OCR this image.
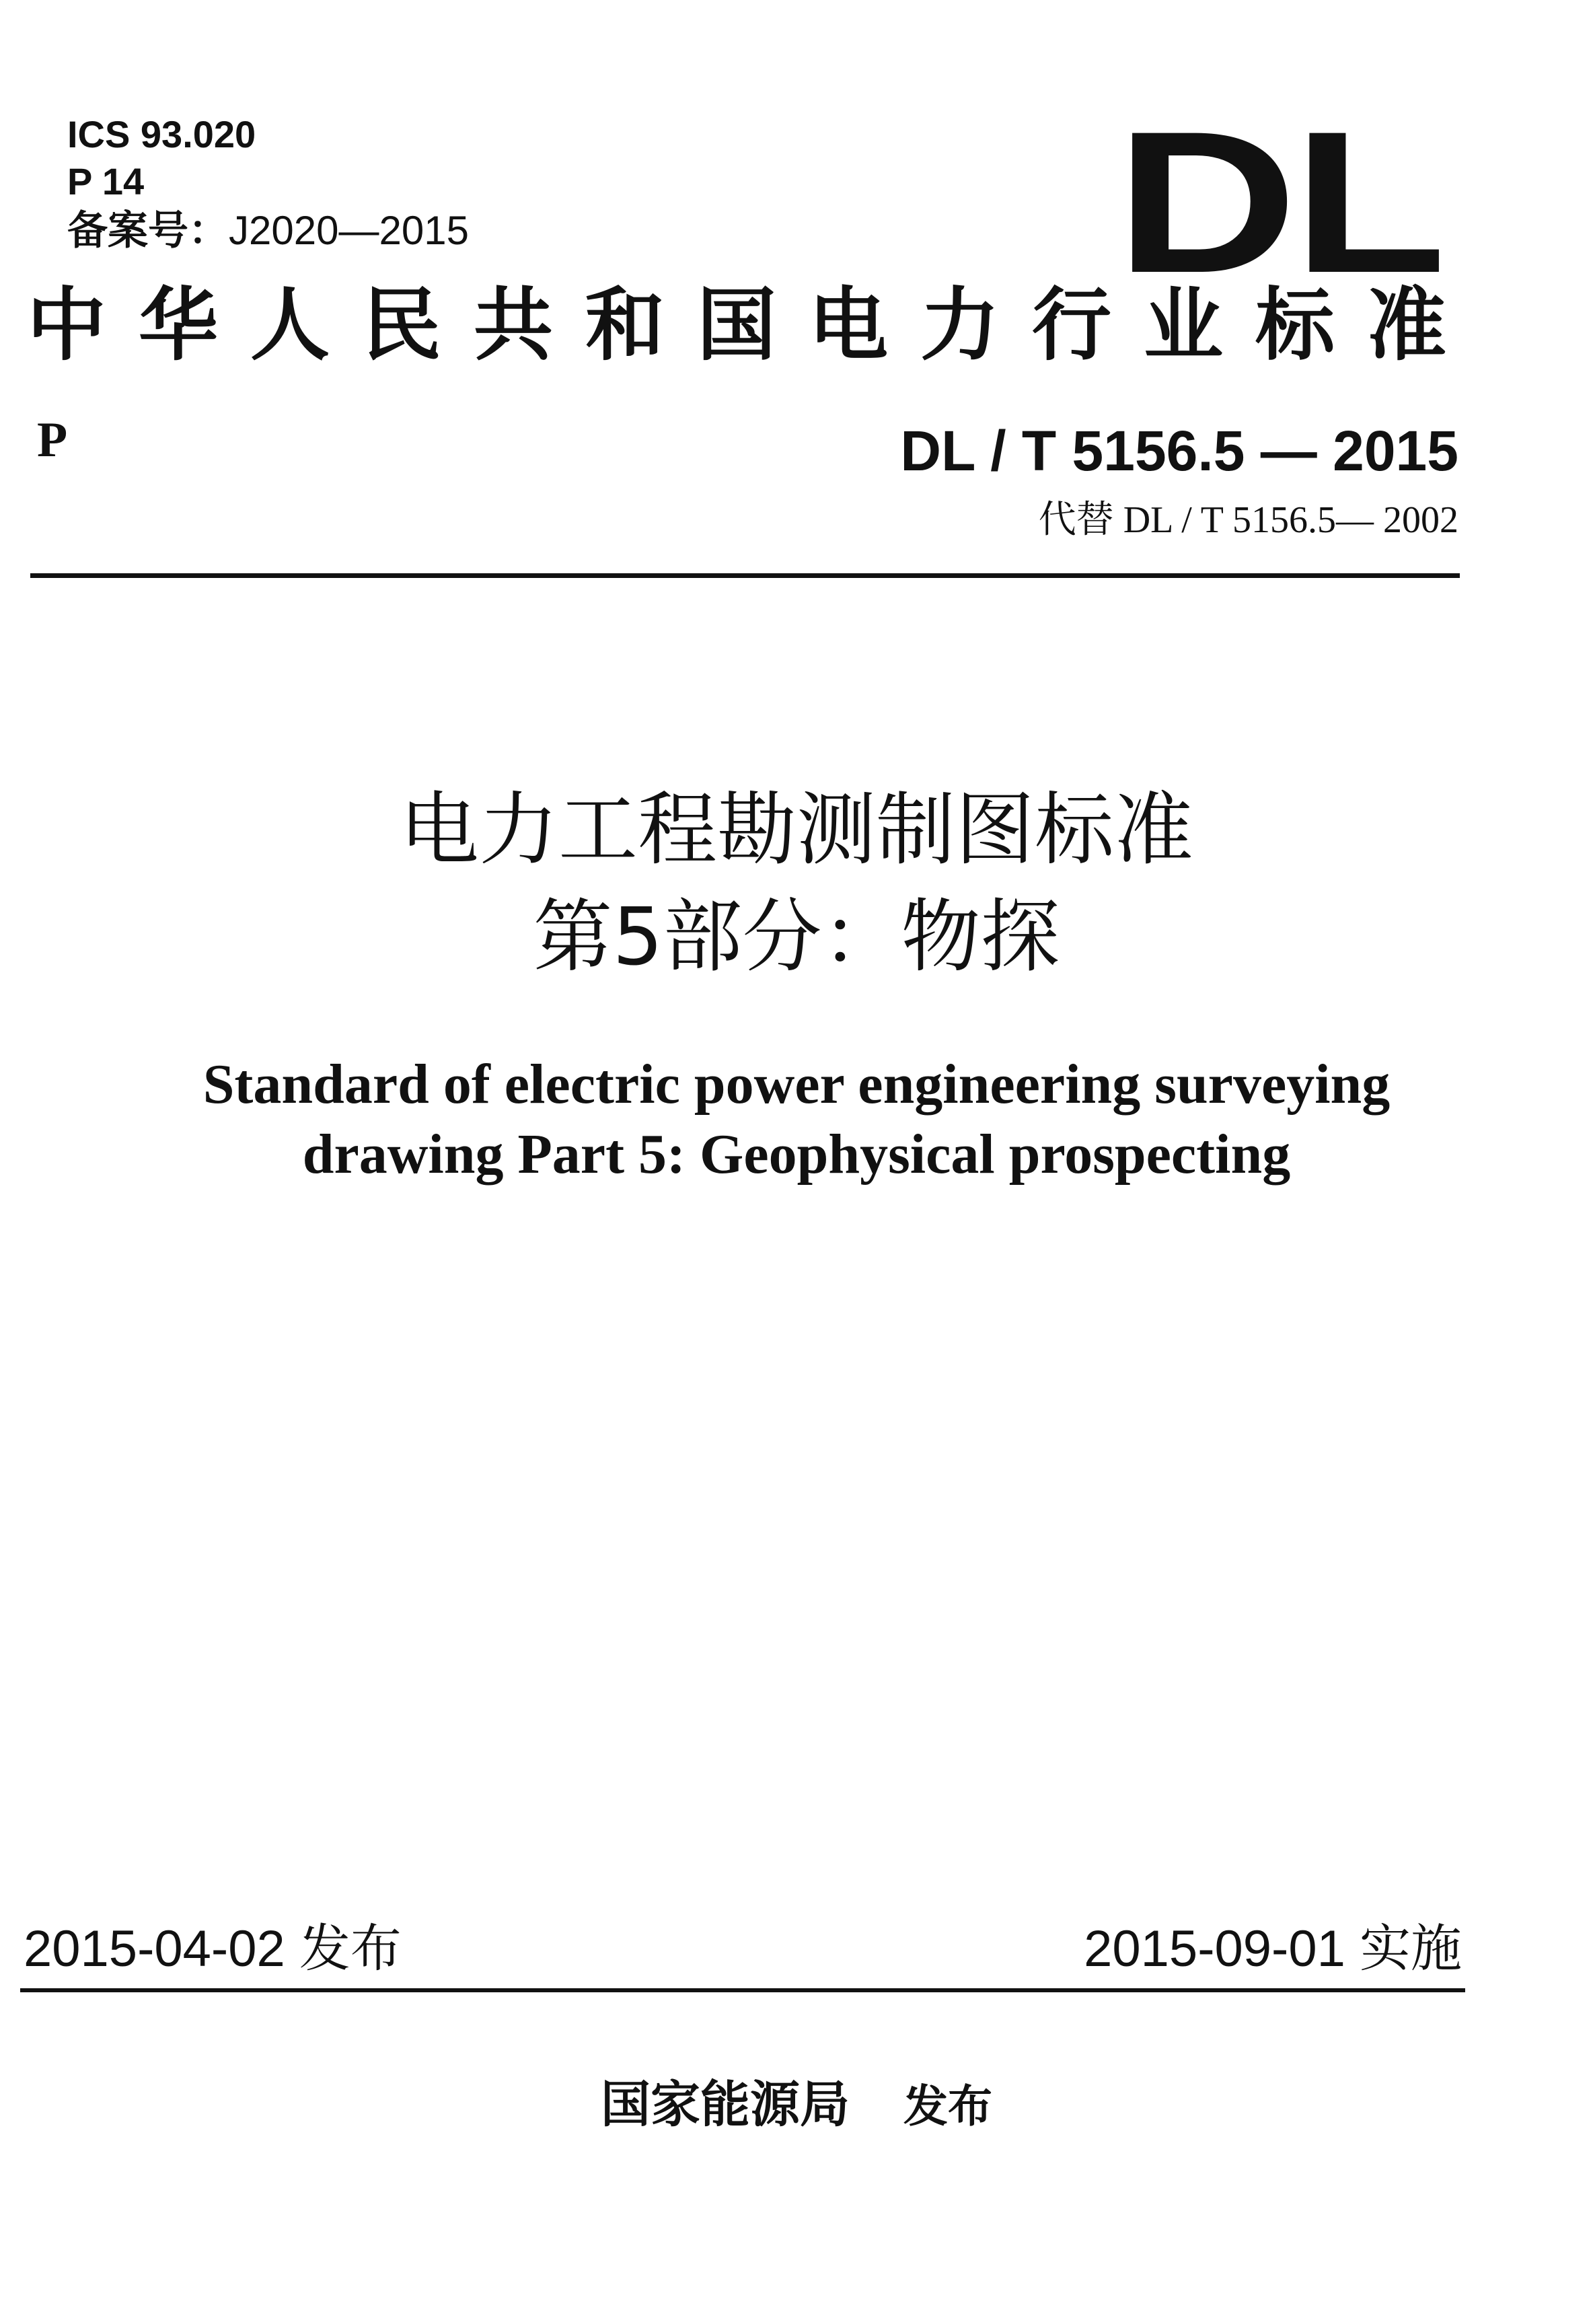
ICS 93.020
P 14
备案号：J2020—2015	DL
中华人民共和国电力行业标准
P	DL / T 5156.5 — 2015
代替 DL / T 5156.5— 2002
电力工程勘测制图标准
第5部分：物探
Standard of electric power engineering surveying
drawing Part 5: Geophysical prospecting
2015-04-02 发布	2015-09-01 实施
国家能源局 发布
